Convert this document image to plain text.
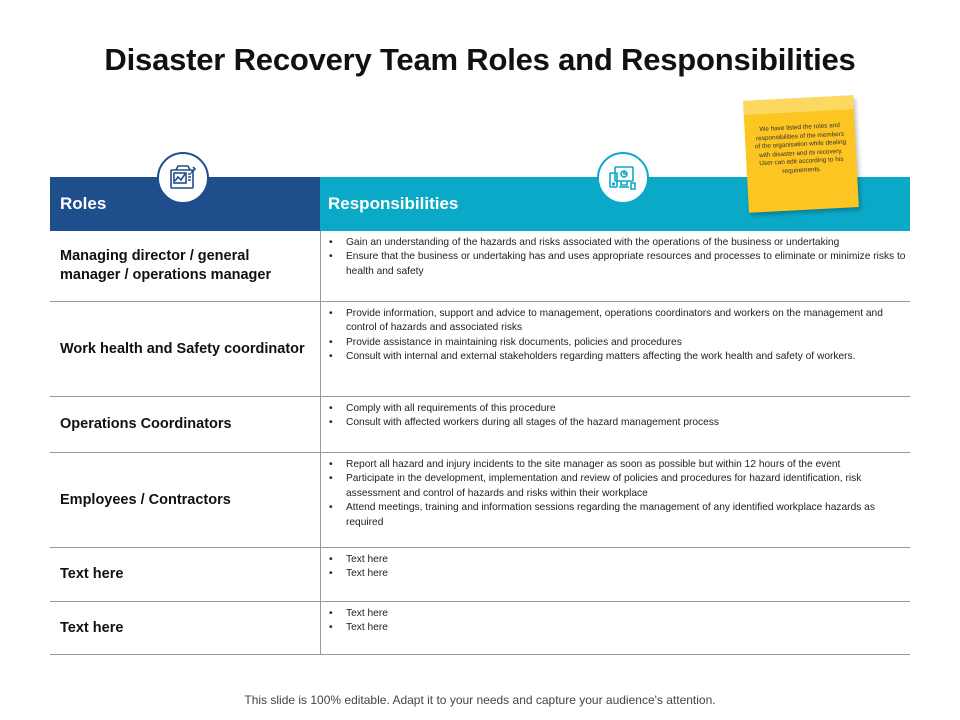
Disaster Recovery Team Roles and Responsibilities
Roles	Responsibilities
We have listed the roles and responsibilities of the members of the organisation while dealing with disaster and its recovery. User can edit according to his requirements.
Managing director / general manager / operations manager
• Gain an understanding of the hazards and risks associated with the operations of the business or undertaking
• Ensure that the business or undertaking has and uses appropriate resources and processes to eliminate or minimize risks to health and safety
Work health and Safety coordinator
• Provide information, support and advice to management, operations coordinators and workers on the management and control of hazards and associated risks
• Provide assistance in maintaining risk documents, policies and procedures
• Consult with internal and external stakeholders regarding matters affecting the work health and safety of workers.
Operations Coordinators
• Comply with all requirements of this procedure
• Consult with affected workers during all stages of the hazard management process
Employees / Contractors
• Report all hazard and injury incidents to the site manager as soon as possible but within 12 hours of the event
• Participate in the development, implementation and review of policies and procedures for hazard identification, risk assessment and control of hazards and risks within their workplace
• Attend meetings, training and information sessions regarding the management of any identified workplace hazards as required
Text here
• Text here
• Text here
Text here
• Text here
• Text here
This slide is 100% editable. Adapt it to your needs and capture your audience's attention.
